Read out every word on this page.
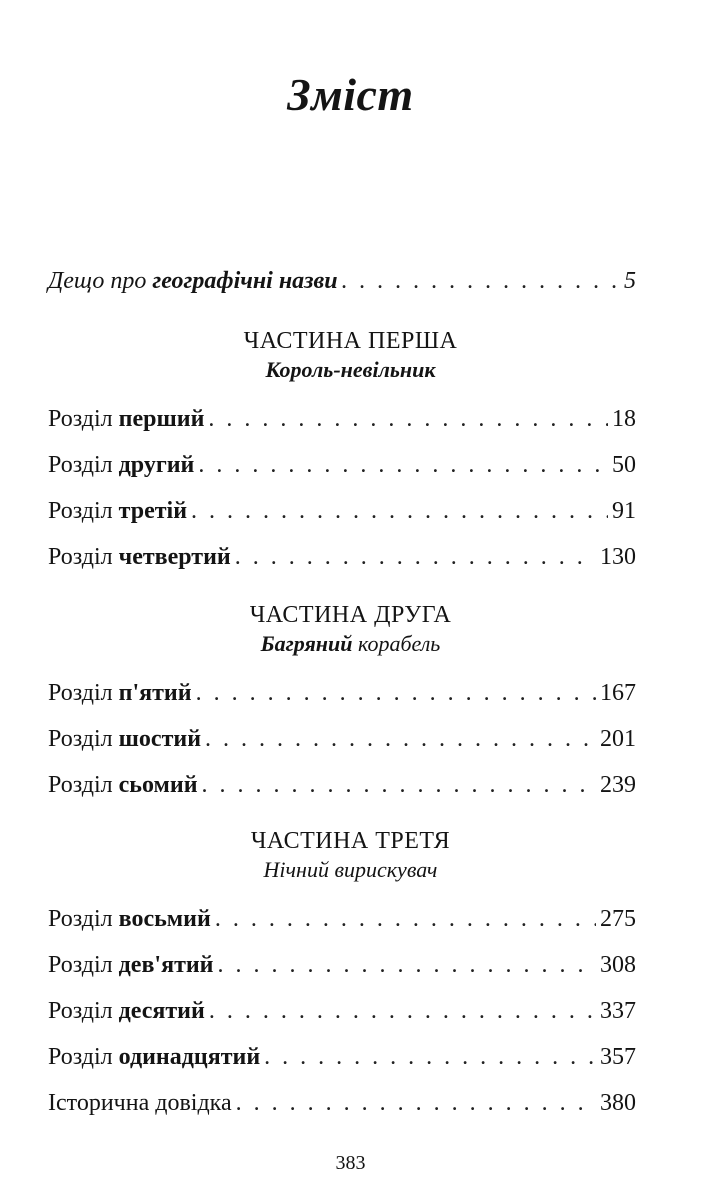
Зміст
Дещо про географічні назви . . .	5
ЧАСТИНА ПЕРША
Король-невільник
Розділ перший . . .	18
Розділ другий . . .	50
Розділ третій . . .	91
Розділ четвертий . . .	130
ЧАСТИНА ДРУГА
Багряний корабель
Розділ п'ятий . . .	167
Розділ шостий . . .	201
Розділ сьомий . . .	239
ЧАСТИНА ТРЕТЯ
Нічний вирискувач
Розділ восьмий . . .	275
Розділ дев'ятий . . .	308
Розділ десятий . . .	337
Розділ одинадцятий . . .	357
Історична довідка . . .	380
383
